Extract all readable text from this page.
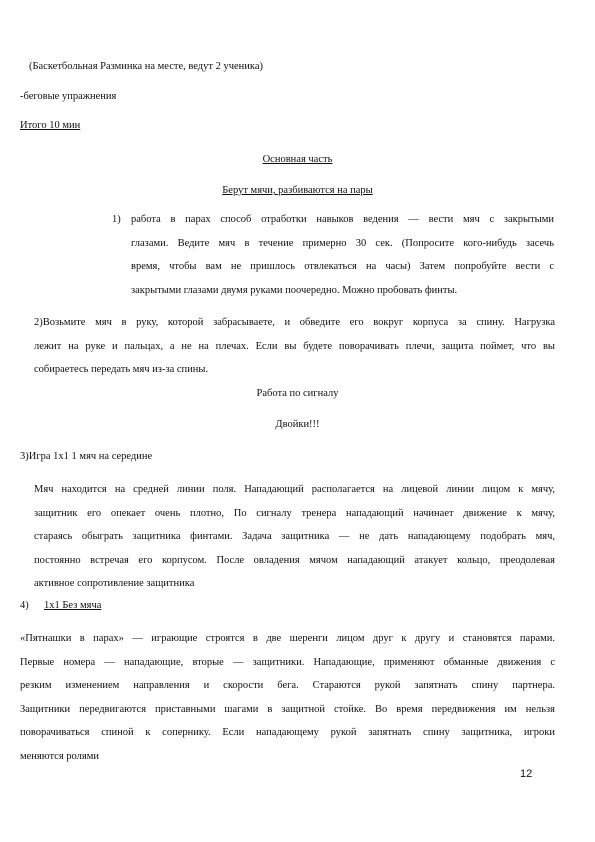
(Баскетбольная Разминка на месте, ведут 2 ученика)
-беговые упражнения
Итого 10 мин
Основная часть
Берут мячи, разбиваются на пары
1) работа в парах способ отработки навыков ведения — вести мяч с закрытыми
глазами. Ведите мяч в течение примерно 30 сек. (Попросите кого-нибудь засечь
время, чтобы вам не пришлось отвлекаться на часы) Затем попробуйте вести с
закрытыми глазами двумя руками поочередно. Можно пробовать финты.
2)Возьмите мяч в руку, которой забрасываете, и обведите его вокруг корпуса за спину. Нагрузка
лежит на руке и пальцах, а не на плечах. Если вы будете поворачивать плечи, защита поймет, что вы
собираетесь передать мяч из-за спины.
Работа по сигналу
Двойки!!!
3)Игра 1х1 1 мяч на середине
Мяч находится на средней линии поля. Нападающий располагается на лицевой линии лицом к мячу,
защитник его опекает очень плотно, По сигналу тренера нападающий начинает движение к мячу,
стараясь обыграть защитника финтами. Задача защитника — не дать нападающему подобрать мяч,
постоянно встречая его корпусом. После овладения мячом нападающий атакует кольцо, преодолевая
активное сопротивление защитника
4) 1х1 Без мяча
«Пятнашки в парах» — играющие строятся в две шеренги лицом друг к другу и становятся парами.
Первые номера — нападающие, вторые — защитники. Нападающие, применяют обманные движения с
резким изменением направления и скорости бега. Стараются рукой запятнать спину партнера.
Защитники передвигаются приставными шагами в защитной стойке. Во время передвижения им нельзя
поворачиваться спиной к сопернику. Если нападающему рукой запятнать спину защитника, игроки
меняются ролями
12
